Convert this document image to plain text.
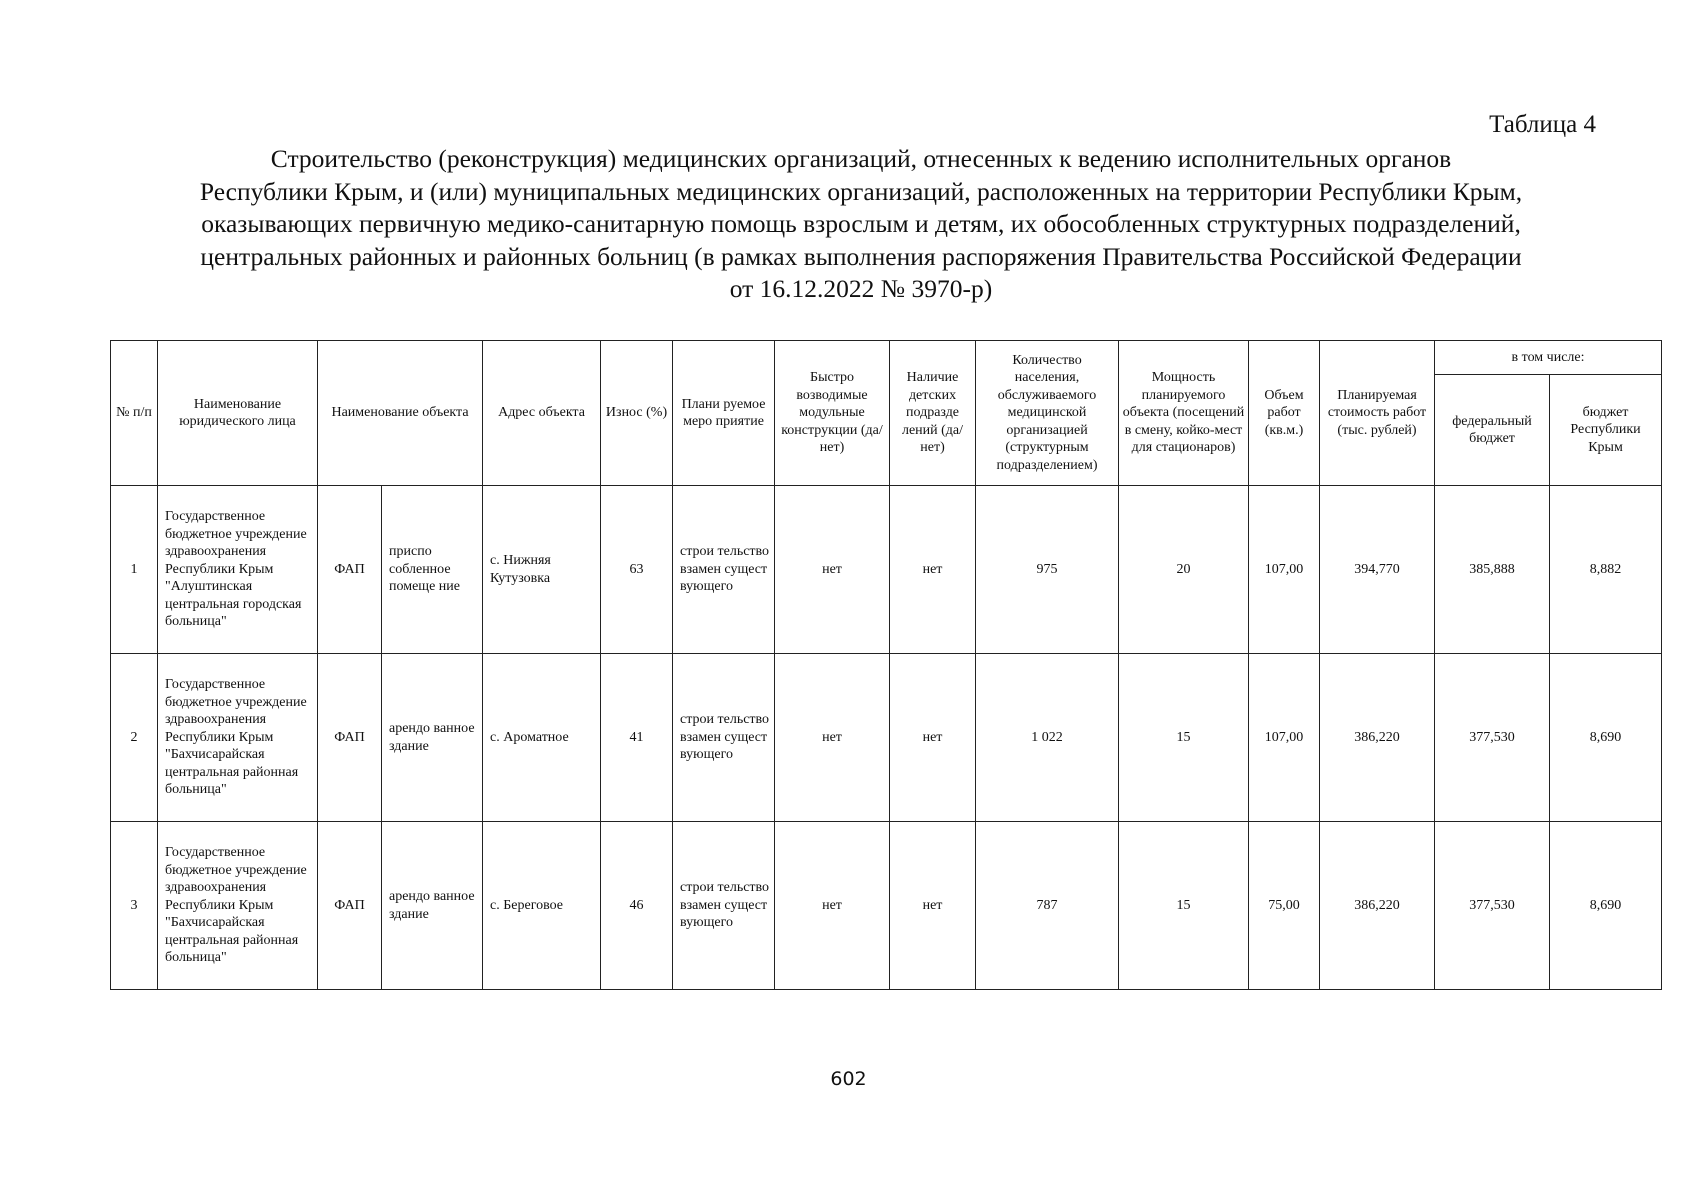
Таблица 4
Строительство (реконструкция) медицинских организаций, отнесенных к ведению исполнительных органов
Республики Крым, и (или) муниципальных медицинских организаций, расположенных на территории Республики Крым,
оказывающих первичную медико-санитарную помощь взрослым и детям, их обособленных структурных подразделений,
центральных районных и районных больниц (в рамках выполнения распоряжения Правительства Российской Федерации
от 16.12.2022 № 3970-р)
№ п/п	Наименование юридического лица	Наименование объекта		Адрес объекта	Износ (%)	Плани руемое меро приятие	Быстро возводимые модульные конструкции (да/нет)	Наличие детских подразде лений (да/нет)	Количество населения, обслуживаемого медицинской организацией (структурным подразделением)	Мощность планируемого объекта (посещений в смену, койко-мест для стационаров)	Объем работ (кв.м.)	Планируемая стоимость работ (тыс. рублей)	в том числе:	
													федеральный бюджет	бюджет Республики Крым
1	Государственное бюджетное учреждение здравоохранения Республики Крым "Алуштинская центральная городская больница"	ФАП	приспо собленное помеще ние	с. Нижняя Кутузовка	63	строи тельство взамен сущест вующего	нет	нет	975	20	107,00	394,770	385,888	8,882
2	Государственное бюджетное учреждение здравоохранения Республики Крым "Бахчисарайская центральная районная больница"	ФАП	арендо ванное здание	с. Ароматное	41	строи тельство взамен сущест вующего	нет	нет	1 022	15	107,00	386,220	377,530	8,690
3	Государственное бюджетное учреждение здравоохранения Республики Крым "Бахчисарайская центральная районная больница"	ФАП	арендо ванное здание	с. Береговое	46	строи тельство взамен сущест вующего	нет	нет	787	15	75,00	386,220	377,530	8,690
602
